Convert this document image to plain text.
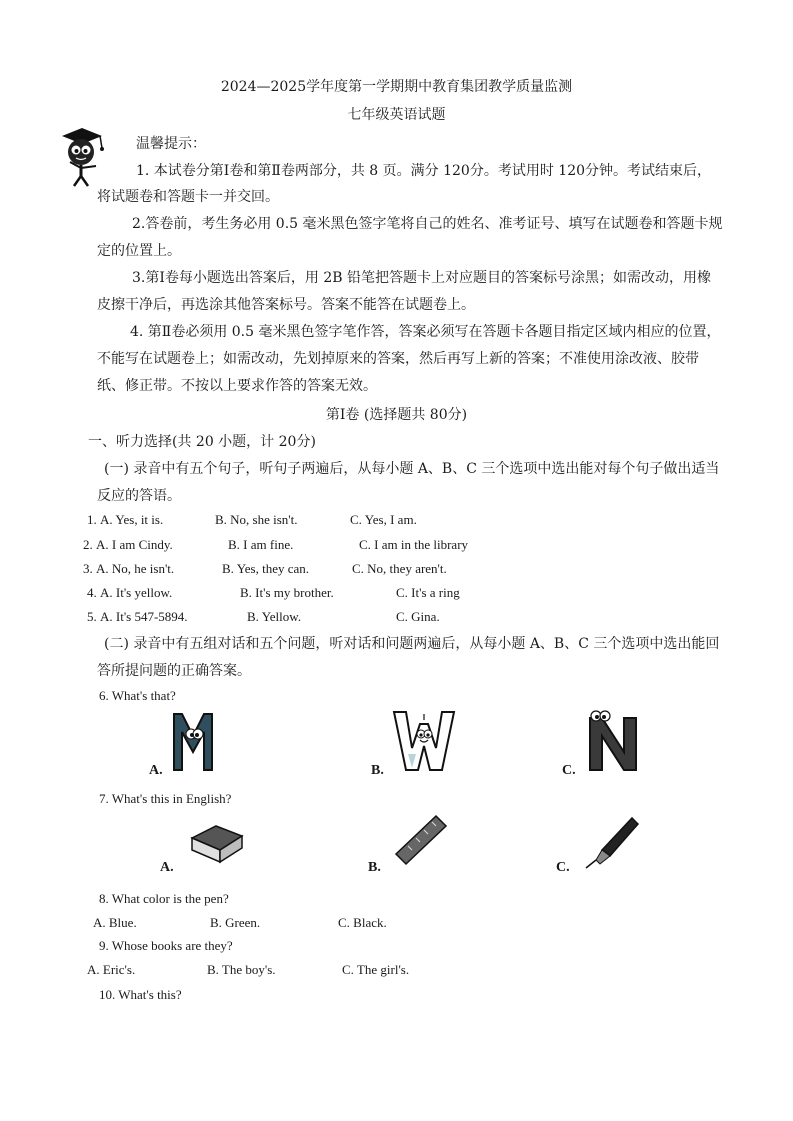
2024—2025学年度第一学期期中教育集团教学质量监测
七年级英语试题
温馨提示：
1. 本试卷分第Ⅰ卷和第Ⅱ卷两部分，共 8 页。满分 120分。考试用时 120分钟。考试结束后，
将试题卷和答题卡一并交回。
2.答卷前，考生务必用 0.5 毫米黑色签字笔将自己的姓名、准考证号、填写在试题卷和答题卡规
定的位置上。
3.第Ⅰ卷每小题选出答案后，用 2B 铅笔把答题卡上对应题目的答案标号涂黑；如需改动，用橡
皮擦干净后，再选涂其他答案标号。答案不能答在试题卷上。
4. 第Ⅱ卷必须用 0.5 毫米黑色签字笔作答，答案必须写在答题卡各题目指定区域内相应的位置，
不能写在试题卷上；如需改动，先划掉原来的答案，然后再写上新的答案；不准使用涂改液、胶带
纸、修正带。不按以上要求作答的答案无效。
第Ⅰ卷 (选择题共 80分)
一、听力选择(共 20 小题，计 20分)
(一) 录音中有五个句子，听句子两遍后，从每小题 A、B、C 三个选项中选出能对每个句子做出适当
反应的答语。
1. A. Yes, it is.	B. No, she isn't.	C. Yes, I am.
2. A. I am Cindy.	B. I am fine.	C. I am in the library
3. A. No, he isn't.	B. Yes, they can.	C. No, they aren't.
4. A. It's yellow.	B. It's my brother.	C. It's a ring
5. A. It's 547-5894.	B. Yellow.	C. Gina.
(二) 录音中有五组对话和五个问题，听对话和问题两遍后，从每小题 A、B、C 三个选项中选出能回
答所提问题的正确答案。
6. What's that?
A.	B.	C.
7. What's this in English?
A.	B.	C.
8. What color is the pen?
A. Blue.	B. Green.	C. Black.
9. Whose books are they?
A. Eric's.	B. The boy's.	C. The girl's.
10. What's this?
